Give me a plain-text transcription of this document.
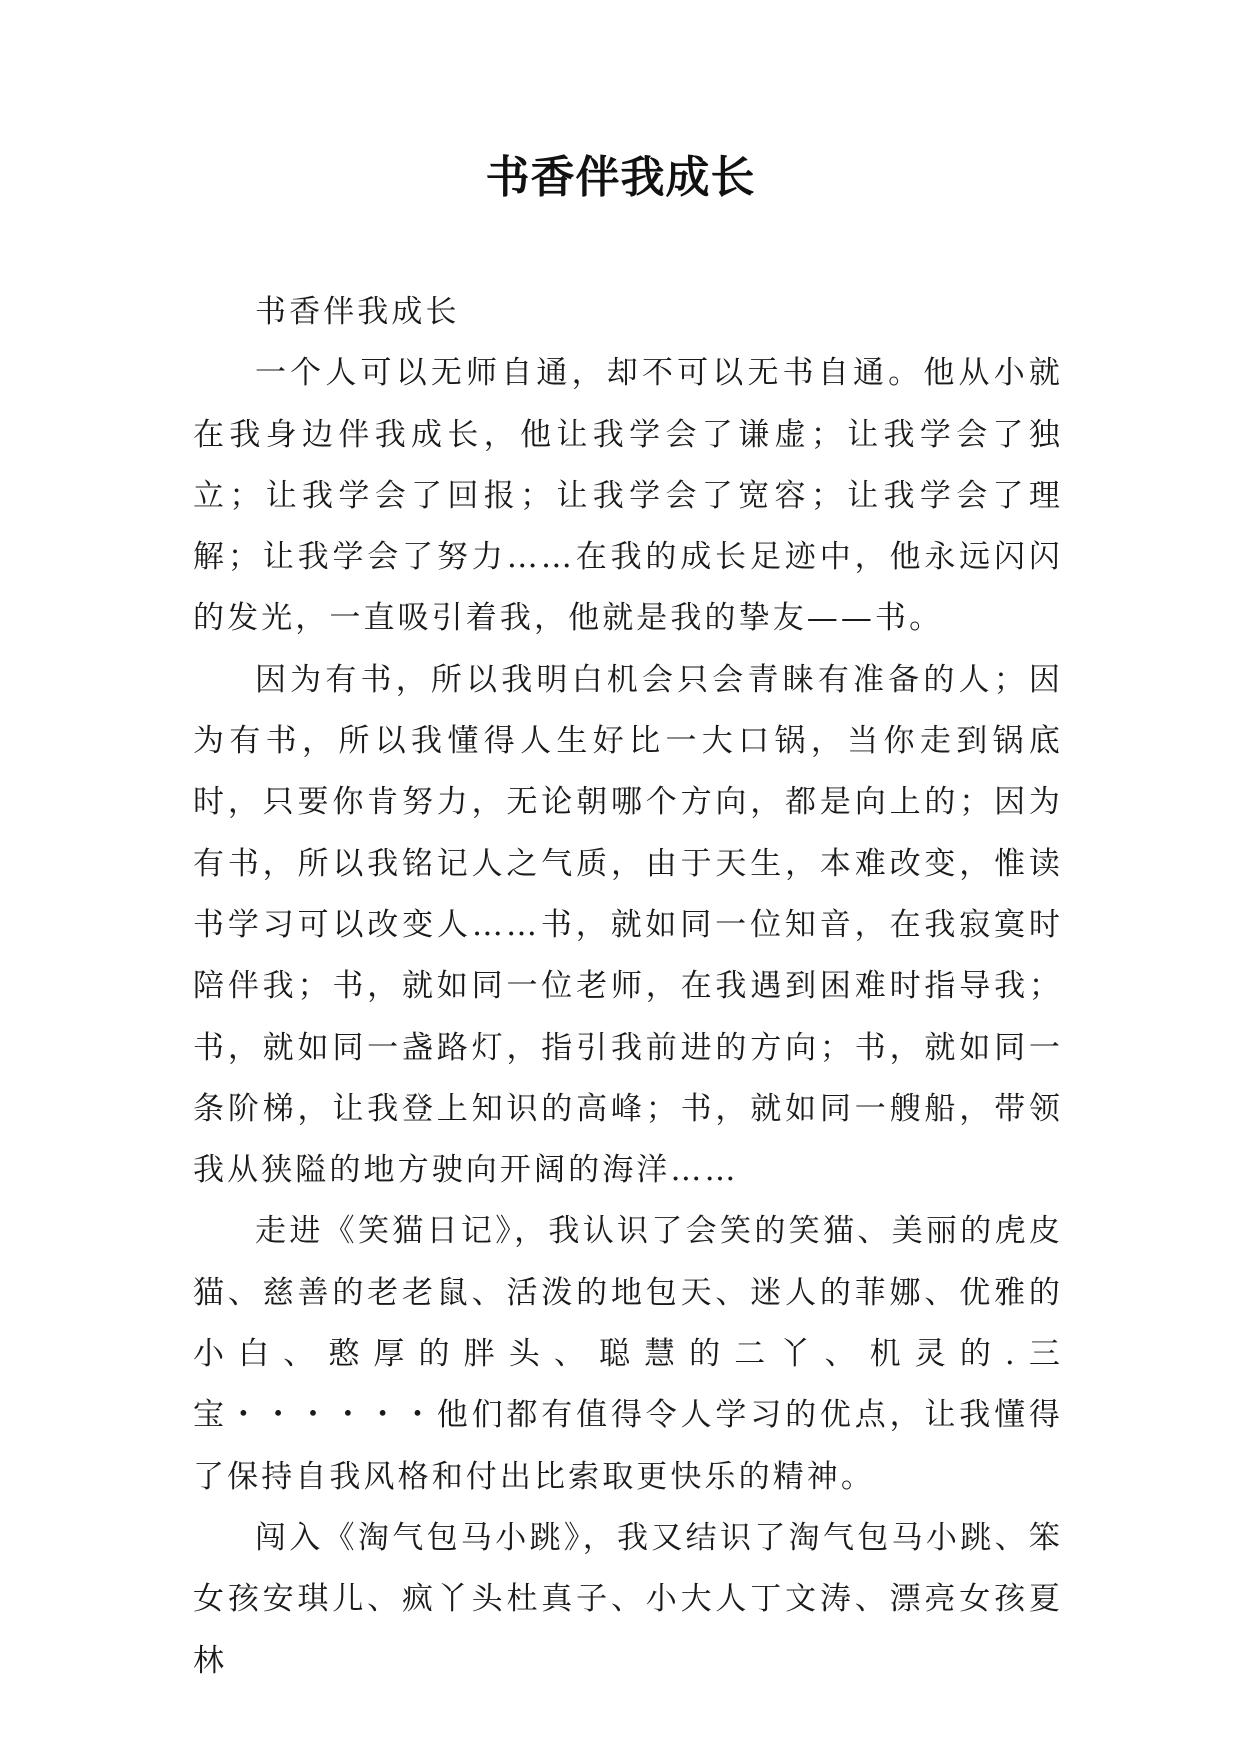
书香伴我成长

书香伴我成长

一个人可以无师自通，却不可以无书自通。他从小就在我身边伴我成长，他让我学会了谦虚；让我学会了独立；让我学会了回报；让我学会了宽容；让我学会了理解；让我学会了努力……在我的成长足迹中，他永远闪闪的发光，一直吸引着我，他就是我的挚友——书。

因为有书，所以我明白机会只会青睐有准备的人；因为有书，所以我懂得人生好比一大口锅，当你走到锅底时，只要你肯努力，无论朝哪个方向，都是向上的；因为有书，所以我铭记人之气质，由于天生，本难改变，惟读书学习可以改变人……书，就如同一位知音，在我寂寞时陪伴我；书，就如同一位老师，在我遇到困难时指导我；书，就如同一盏路灯，指引我前进的方向；书，就如同一条阶梯，让我登上知识的高峰；书，就如同一艘船，带领我从狭隘的地方驶向开阔的海洋……

走进《笑猫日记》，我认识了会笑的笑猫、美丽的虎皮猫、慈善的老老鼠、活泼的地包天、迷人的菲娜、优雅的小白、憨厚的胖头、聪慧的二丫、机灵的.三宝・・・・・・他们都有值得令人学习的优点，让我懂得了保持自我风格和付出比索取更快乐的精神。

闯入《淘气包马小跳》，我又结识了淘气包马小跳、笨女孩安琪儿、疯丫头杜真子、小大人丁文涛、漂亮女孩夏林
